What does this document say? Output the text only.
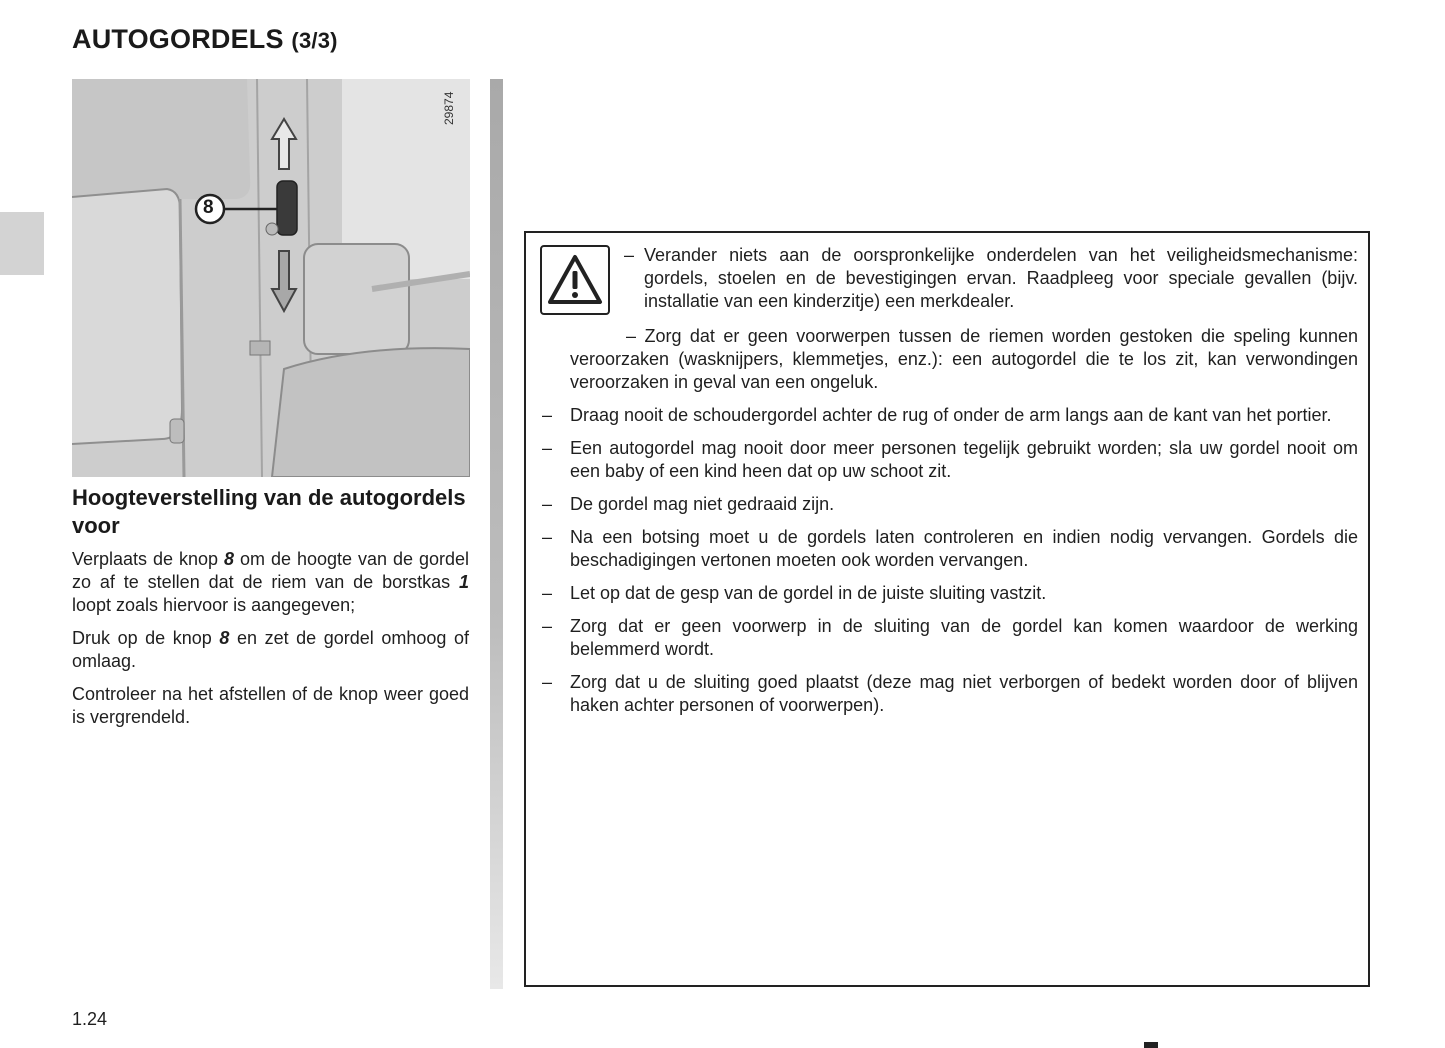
AUTOGORDELS (3/3)
8
29874
Hoogteverstelling van de autogordels voor

Verplaats de knop 8 om de hoogte van de gordel zo af te stellen dat de riem van de borstkas 1 loopt zoals hiervoor is aangegeven;

Druk op de knop 8 en zet de gordel omhoog of omlaag.

Controleer na het afstellen of de knop weer goed is vergrendeld.

– Verander niets aan de oorspronkelijke onderdelen van het veiligheidsmechanisme: gordels, stoelen en de bevestigingen ervan. Raadpleeg voor speciale gevallen (bijv. installatie van een kinderzitje) een merkdealer.
– Zorg dat er geen voorwerpen tussen de riemen worden gestoken die speling kunnen veroorzaken (wasknijpers, klemmetjes, enz.): een autogordel die te los zit, kan verwondingen veroorzaken in geval van een ongeluk.
– Draag nooit de schoudergordel achter de rug of onder de arm langs aan de kant van het portier.
– Een autogordel mag nooit door meer personen tegelijk gebruikt worden; sla uw gordel nooit om een baby of een kind heen dat op uw schoot zit.
– De gordel mag niet gedraaid zijn.
– Na een botsing moet u de gordels laten controleren en indien nodig vervangen. Gordels die beschadigingen vertonen moeten ook worden vervangen.
– Let op dat de gesp van de gordel in de juiste sluiting vastzit.
– Zorg dat er geen voorwerp in de sluiting van de gordel kan komen waardoor de werking belemmerd wordt.
– Zorg dat u de sluiting goed plaatst (deze mag niet verborgen of bedekt worden door of blijven haken achter personen of voorwerpen).
1.24
